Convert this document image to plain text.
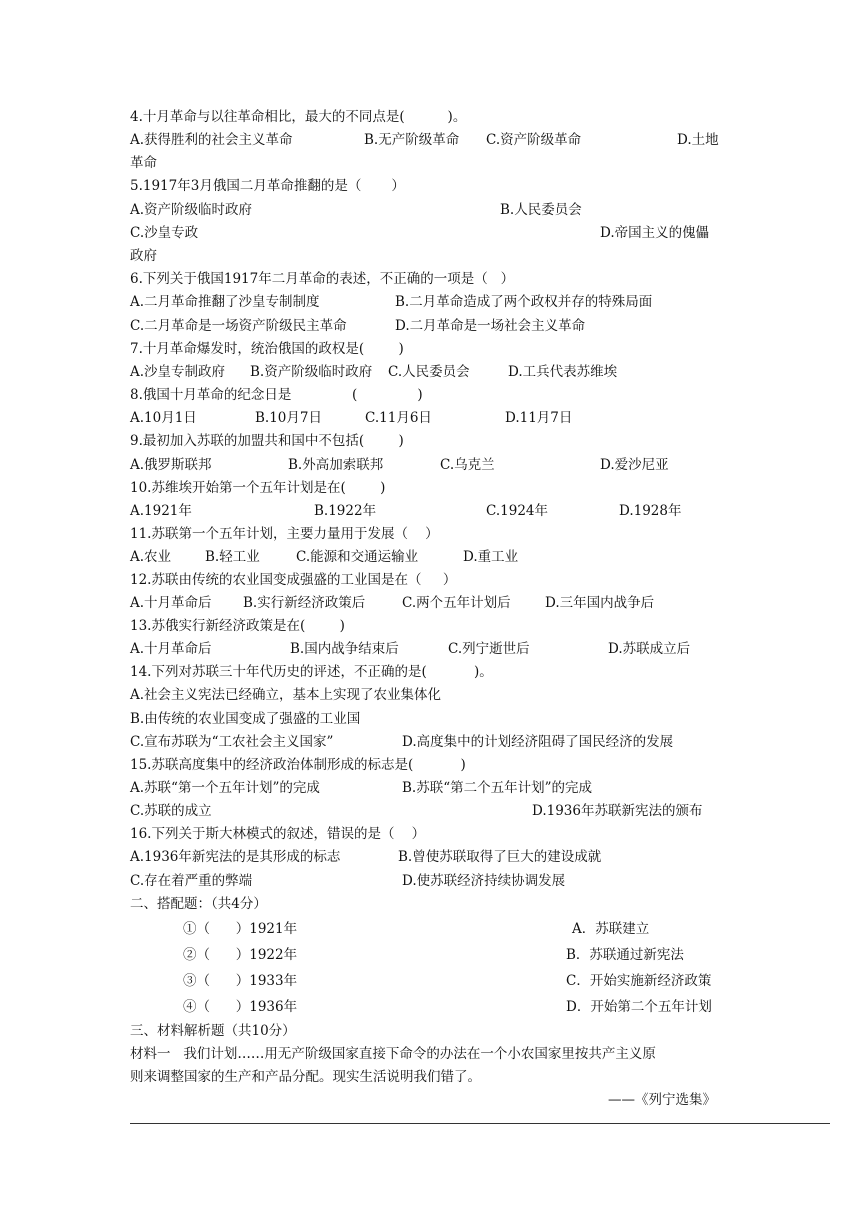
4.十月革命与以往革命相比，最大的不同点是(          )。
A.获得胜利的社会主义革命	B.无产阶级革命 C.资产阶级革命	D.土地
革命
5.1917年3月俄国二月革命推翻的是（       ）
A.资产阶级临时政府	B.人民委员会
C.沙皇专政	D.帝国主义的傀儡
政府
6.下列关于俄国1917年二月革命的表述，不正确的一项是（   ）
A.二月革命推翻了沙皇专制制度	B.二月革命造成了两个政权并存的特殊局面
C.二月革命是一场资产阶级民主革命	D.二月革命是一场社会主义革命
7.十月革命爆发时，统治俄国的政权是(        )
A.沙皇专制政府 B.资产阶级临时政府 C.人民委员会	D.工兵代表苏维埃
8.俄国十月革命的纪念日是	(              )
A.10月1日	B.10月7日	C.11月6日	D.11月7日
9.最初加入苏联的加盟共和国中不包括(        )
A.俄罗斯联邦	B.外高加索联邦	C.乌克兰	D.爱沙尼亚
10.苏维埃开始第一个五年计划是在(        )
A.1921年	B.1922年	C.1924年	D.1928年
11.苏联第一个五年计划，主要力量用于发展（    ）
A.农业	B.轻工业	C.能源和交通运输业	D.重工业
12.苏联由传统的农业国变成强盛的工业国是在（     ）
A.十月革命后 B.实行新经济政策后	C.两个五年计划后	D.三年国内战争后
13.苏俄实行新经济政策是在(        )
A.十月革命后	B.国内战争结束后	C.列宁逝世后	D.苏联成立后
14.下列对苏联三十年代历史的评述，不正确的是(           )。
A.社会主义宪法已经确立，基本上实现了农业集体化
B.由传统的农业国变成了强盛的工业国
C.宣布苏联为“工农社会主义国家”	D.高度集中的计划经济阻碍了国民经济的发展
15.苏联高度集中的经济政治体制形成的标志是(           )
A.苏联“第一个五年计划”的完成	B.苏联“第二个五年计划”的完成
C.苏联的成立	D.1936年苏联新宪法的颁布
16.下列关于斯大林模式的叙述，错误的是（    ）
A.1936年新宪法的是其形成的标志	B.曾使苏联取得了巨大的建设成就
C.存在着严重的弊端	D.使苏联经济持续协调发展
二、搭配题：（共4分）
①（      ）1921年	A．苏联建立
②（      ）1922年	B．苏联通过新宪法
③（      ）1933年	C．开始实施新经济政策
④（      ）1936年	D．开始第二个五年计划
三、材料解析题（共10分）
材料一   我们计划……用无产阶级国家直接下命令的办法在一个小农国家里按共产主义原
则来调整国家的生产和产品分配。现实生活说明我们错了。
——《列宁选集》
